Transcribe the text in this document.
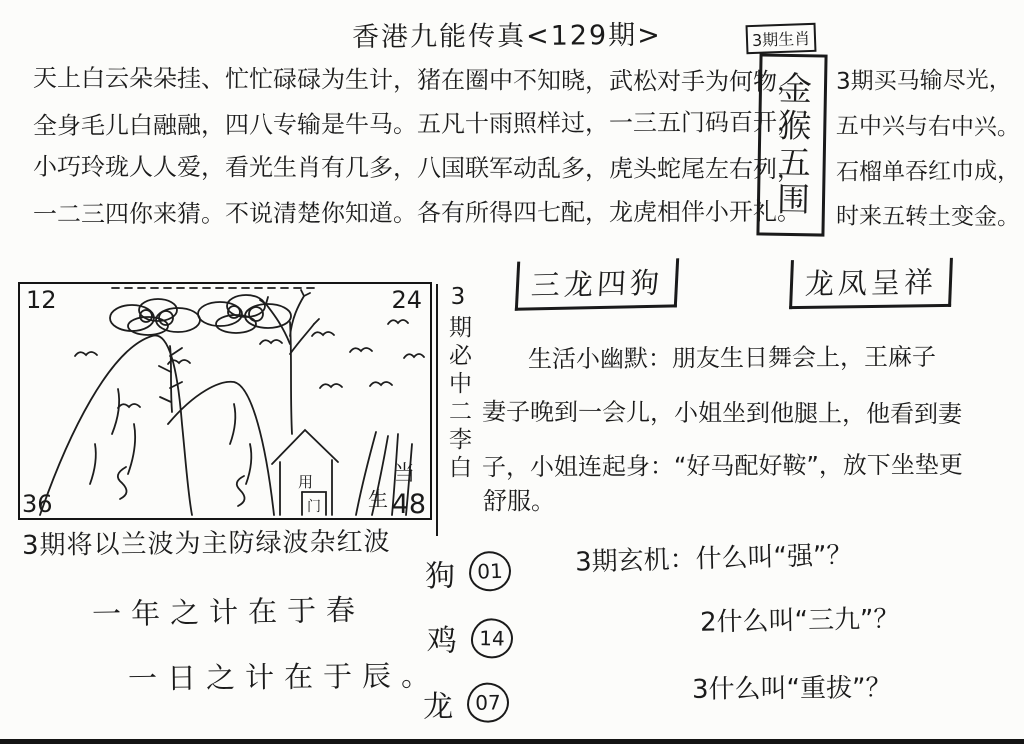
香港九能传真<129期>
天上白云朵朵挂、忙忙碌碌为生计，猪在圈中不知晓，武松对手为何物，
全身毛儿白融融，四八专输是牛马。五凡十雨照样过，一三五门码百开，
小巧玲珑人人爱，看光生肖有几多，八国联军动乱多，虎头蛇尾左右列，
一二三四你来猜。不说清楚你知道。各有所得四七配，龙虎相伴小开礼。
3期生肖
金猴五围 3期买马输尽光，
五中兴与右中兴。
石榴单吞红巾成，
时来五转土变金。
用
门
当
生
12	24
36	48
3期必中二李白
三龙四狗	龙凤呈祥
生活小幽默：朋友生日舞会上，王麻子
妻子晚到一会儿，小姐坐到他腿上，他看到妻
子，小姐连起身：“好马配好鞍”，放下坐垫更
舒服。
3期将以兰波为主防绿波杂红波
一年之计在于春
一日之计在于辰。
狗	01
鸡	14
龙	07
3期玄机：什么叫“强”？
2什么叫“三九”？
3什么叫“重拔”？
